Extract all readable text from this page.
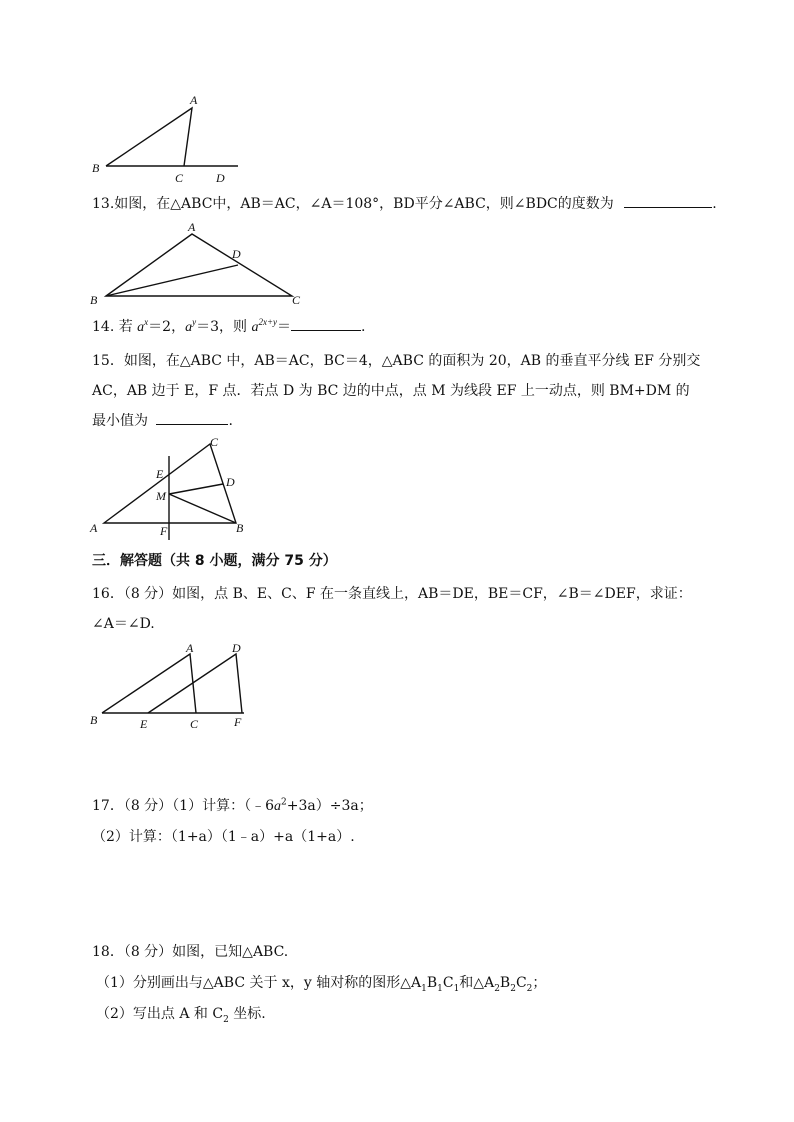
A
B
C	D
13.如图，在△ABC中，AB＝AC，∠A＝108°，BD平分∠ABC，则∠BDC的度数为	.
A
D
B	C
14. 若 $a^x=2$，$a^y=3$，则 $a^{2x+y}=$	.
15．如图，在△ABC 中，AB＝AC，BC＝4，△ABC 的面积为 20，AB 的垂直平分线 EF 分别交
AC，AB 边于 E，F 点．若点 D 为 BC 边的中点，点 M 为线段 EF 上一动点，则 BM+DM 的
最小值为	.
C
E
D
M
A	F	B
三．解答题（共 8 小题，满分 75 分）
16．（8 分）如图，点 B、E、C、F 在一条直线上，AB＝DE，BE＝CF，∠B＝∠DEF，求证：
∠A＝∠D.
A	D
B	E	C	F
17．（8 分）（1）计算：$(﹣6a^2+3a)\div 3a$；
（2）计算：（1+a）（1﹣a）+a（1+a）.
18．（8 分）如图，已知△ABC.
（1）分别画出与△ABC 关于 x，y 轴对称的图形$\triangle A_1B_1C_1$和$\triangle A_2B_2C_2$；
（2）写出点 A 和 $C_2$ 坐标.
